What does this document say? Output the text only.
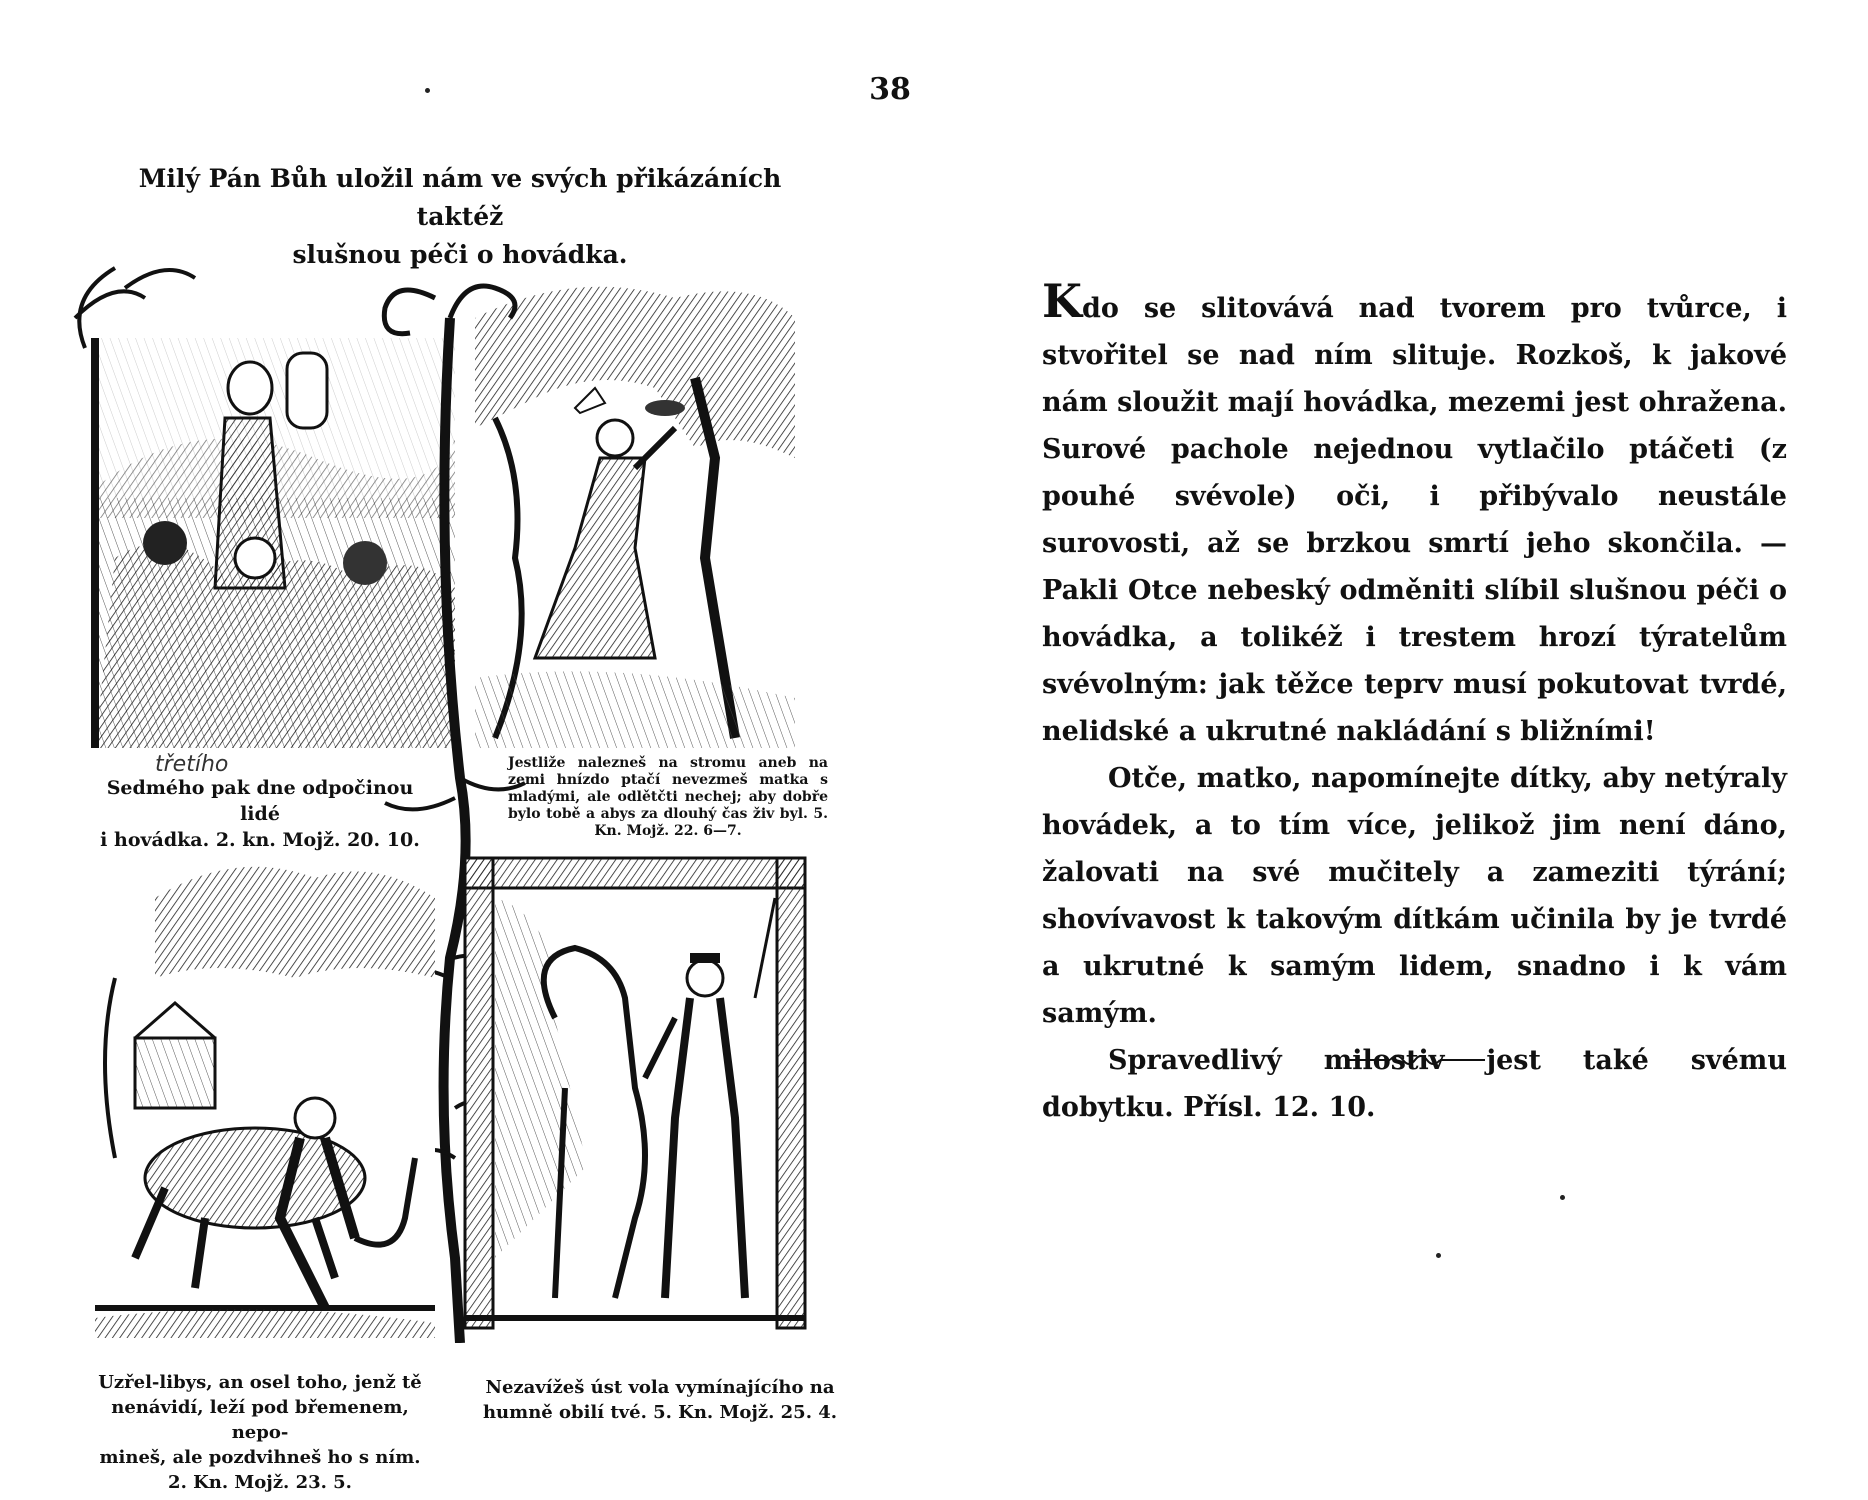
38
Milý Pán Bůh uložil nám ve svých přikázáních taktéž
slušnou péči o hovádka.
třetího
Sedmého pak dne odpočinou lidé
i hovádka. 2. kn. Mojž. 20. 10.
Jestliže nalezneš na stromu aneb na zemi hnízdo ptačí nevezmeš matka s mladými, ale odlětčti nechej; aby dobře bylo tobě a abys za dlouhý čas živ byl. 5. Kn. Mojž. 22. 6—7.
Uzřel-libys, an osel toho, jenž tě
nenávidí, leží pod břemenem, nepo-
mineš, ale pozdvihneš ho s ním.
2. Kn. Mojž. 23. 5.
Nezavížeš úst vola vymínajícího na
humně obilí tvé. 5. Kn. Mojž. 25. 4.

Kdo se slitovává nad tvorem pro tvůrce, i stvořitel se nad ním slituje. Rozkoš, k jakové nám sloužit mají hovádka, mezemi jest ohražena. Surové pachole nejednou vytlačilo ptáčeti (z pouhé svévole) oči, i přibývalo neustále surovosti, až se brzkou smrtí jeho skončila. — Pakli Otce nebeský odměniti slíbil slušnou péči o hovádka, a tolikéž i trestem hrozí týratelům svévolným: jak těžce teprv musí pokutovat tvrdé, nelidské a ukrutné nakládání s bližními!

Otče, matko, napomínejte dítky, aby netýraly hovádek, a to tím více, jelikož jim není dáno, žalovati na své mučitely a zameziti týrání; shovívavost k takovým dítkám učinila by je tvrdé a ukrutné k samým lidem, snadno i k vám samým.

Spravedlivý milostiv jest také svému dobytku. Přísl. 12. 10.
